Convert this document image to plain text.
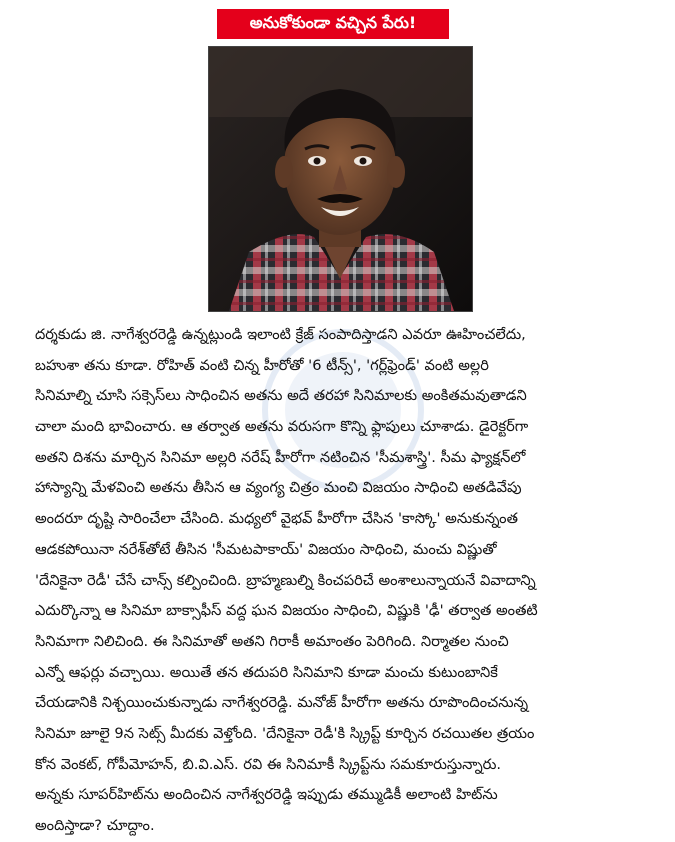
అనుకోకుండా వచ్చిన పేరు!
దర్శకుడు జి. నాగేశ్వరరెడ్డి ఉన్నట్లుండి ఇలాంటి క్రేజ్ సంపాదిస్తాడని ఎవరూ ఊహించలేదు,
బహుశా తను కూడా. రోహిత్ వంటి చిన్న హీరోతో '6 టీన్స్', 'గర్ల్‌ఫ్రెండ్' వంటి అల్లరి
సినిమాల్ని చూసి సక్సెస్‌లు సాధించిన అతను అదే తరహా సినిమాలకు అంకితమవుతాడని
చాలా మంది భావించారు. ఆ తర్వాత అతను వరుసగా కొన్ని ఫ్లాపులు చూశాడు. డైరెక్టర్‌గా
అతని దిశను మార్చిన సినిమా అల్లరి నరేష్ హీరోగా నటించిన 'సీమశాస్త్రి'. సీమ ఫ్యాక్షన్‌లో
హాస్యాన్ని మేళవించి అతను తీసిన ఆ వ్యంగ్య చిత్రం మంచి విజయం సాధించి అతడివేపు
అందరూ దృష్టి సారించేలా చేసింది. మధ్యలో వైభవ్ హీరోగా చేసిన 'కాస్కో' అనుకున్నంత
ఆడకపోయినా నరేశ్‌తోటే తీసిన 'సీమటపాకాయ్' విజయం సాధించి, మంచు విష్ణుతో
'దేనికైనా రెడీ' చేసే చాన్స్ కల్పించింది. బ్రాహ్మణుల్ని కించపరిచే అంశాలున్నాయనే వివాదాన్ని
ఎదుర్కొన్నా ఆ సినిమా బాక్సాఫీస్ వద్ద ఘన విజయం సాధించి, విష్ణుకి 'ఢీ' తర్వాత అంతటి
సినిమాగా నిలిచింది. ఈ సినిమాతో అతని గిరాకీ అమాంతం పెరిగింది. నిర్మాతల నుంచి
ఎన్నో ఆఫర్లు వచ్చాయి. అయితే తన తదుపరి సినిమాని కూడా మంచు కుటుంబానికే
చేయడానికి నిశ్చయించుకున్నాడు నాగేశ్వరరెడ్డి. మనోజ్ హీరోగా అతను రూపొందించనున్న
సినిమా జూలై 9న సెట్స్ మీదకు వెళ్తోంది. 'దేనికైనా రెడీ'కి స్క్రిప్ట్ కూర్చిన రచయితల త్రయం
కోన వెంకట్, గోపీమోహన్, బి.వి.ఎస్. రవి ఈ సినిమాకీ స్క్రిప్ట్‌ను సమకూరుస్తున్నారు.
అన్నకు సూపర్‌హిట్‌ను అందించిన నాగేశ్వరరెడ్డి ఇప్పుడు తమ్ముడికీ అలాంటి హిట్‌ను
అందిస్తాడా? చూద్దాం.
